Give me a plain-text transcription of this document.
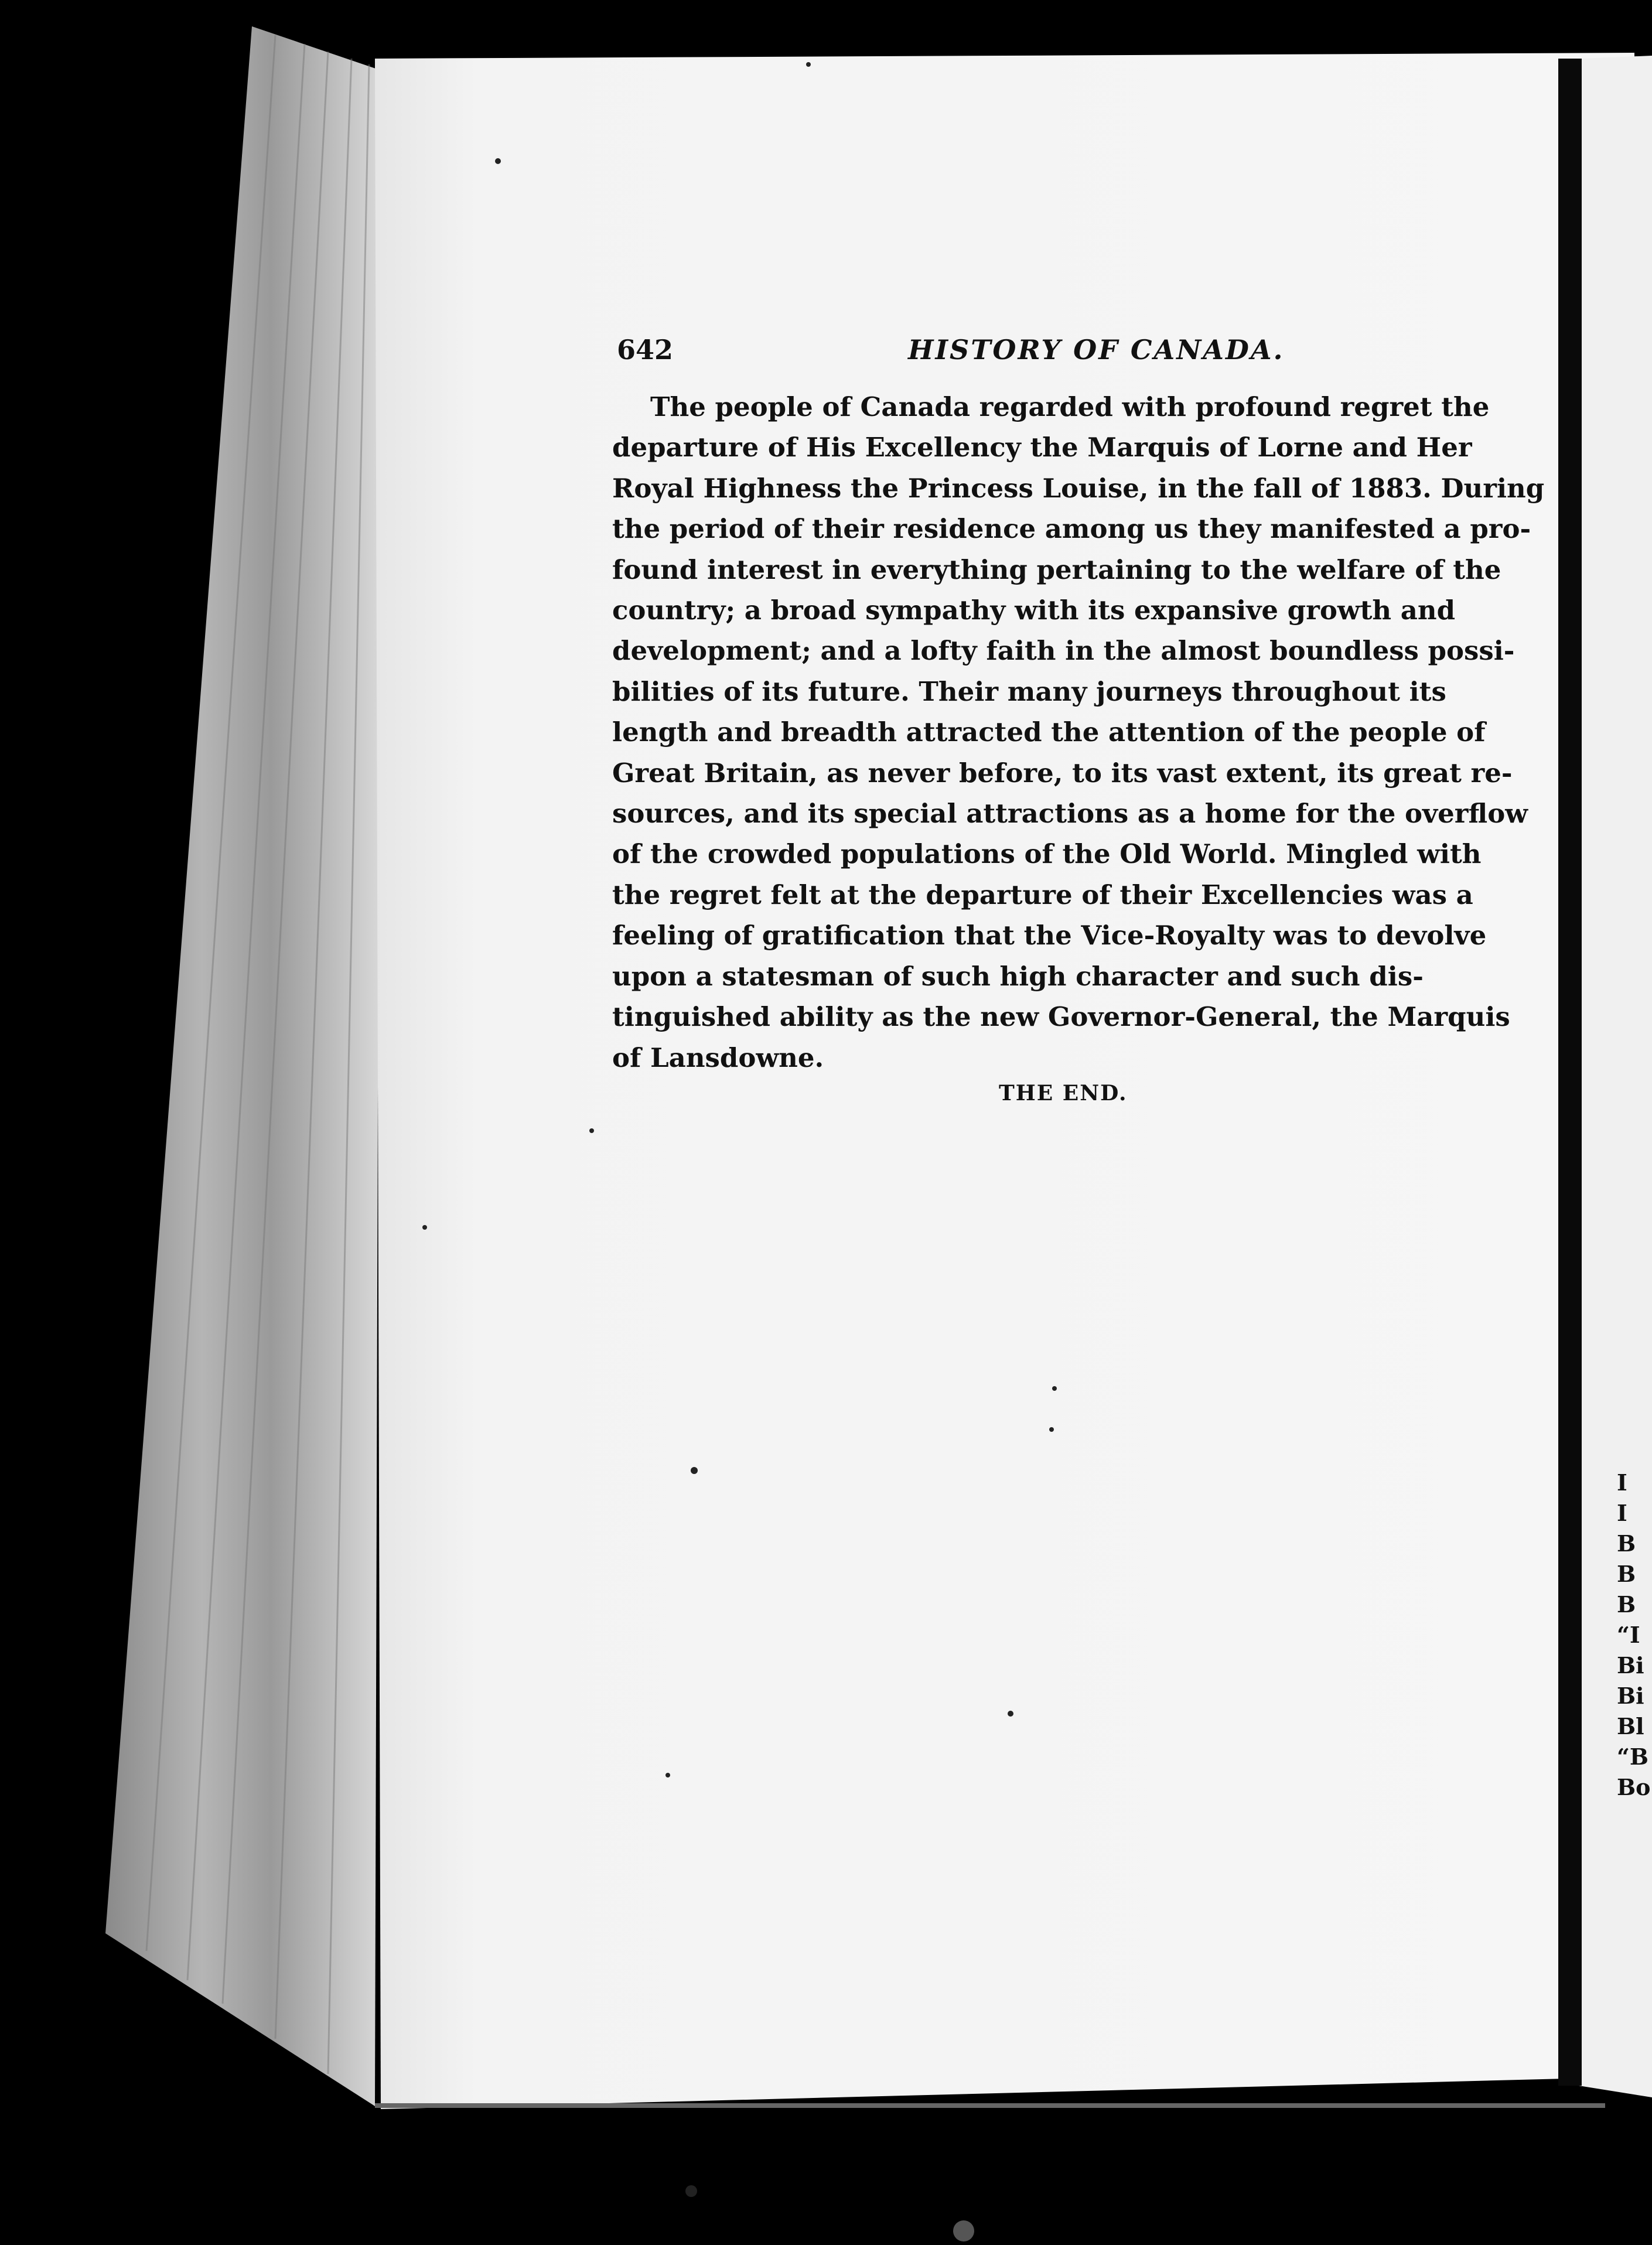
642	HISTORY OF CANADA.

The people of Canada regarded with profound regret the
departure of His Excellency the Marquis of Lorne and Her
Royal Highness the Princess Louise, in the fall of 1883. During
the period of their residence among us they manifested a pro-
found interest in everything pertaining to the welfare of the
country; a broad sympathy with its expansive growth and
development; and a lofty faith in the almost boundless possi-
bilities of its future. Their many journeys throughout its
length and breadth attracted the attention of the people of
Great Britain, as never before, to its vast extent, its great re-
sources, and its special attractions as a home for the overflow
of the crowded populations of the Old World. Mingled with
the regret felt at the departure of their Excellencies was a
feeling of gratification that the Vice-Royalty was to devolve
upon a statesman of such high character and such dis-
tinguished ability as the new Governor-General, the Marquis
of Lansdowne.

THE END.
I
I
B
B
B
“I
Bi
Bi
Bl
“B
Bo
